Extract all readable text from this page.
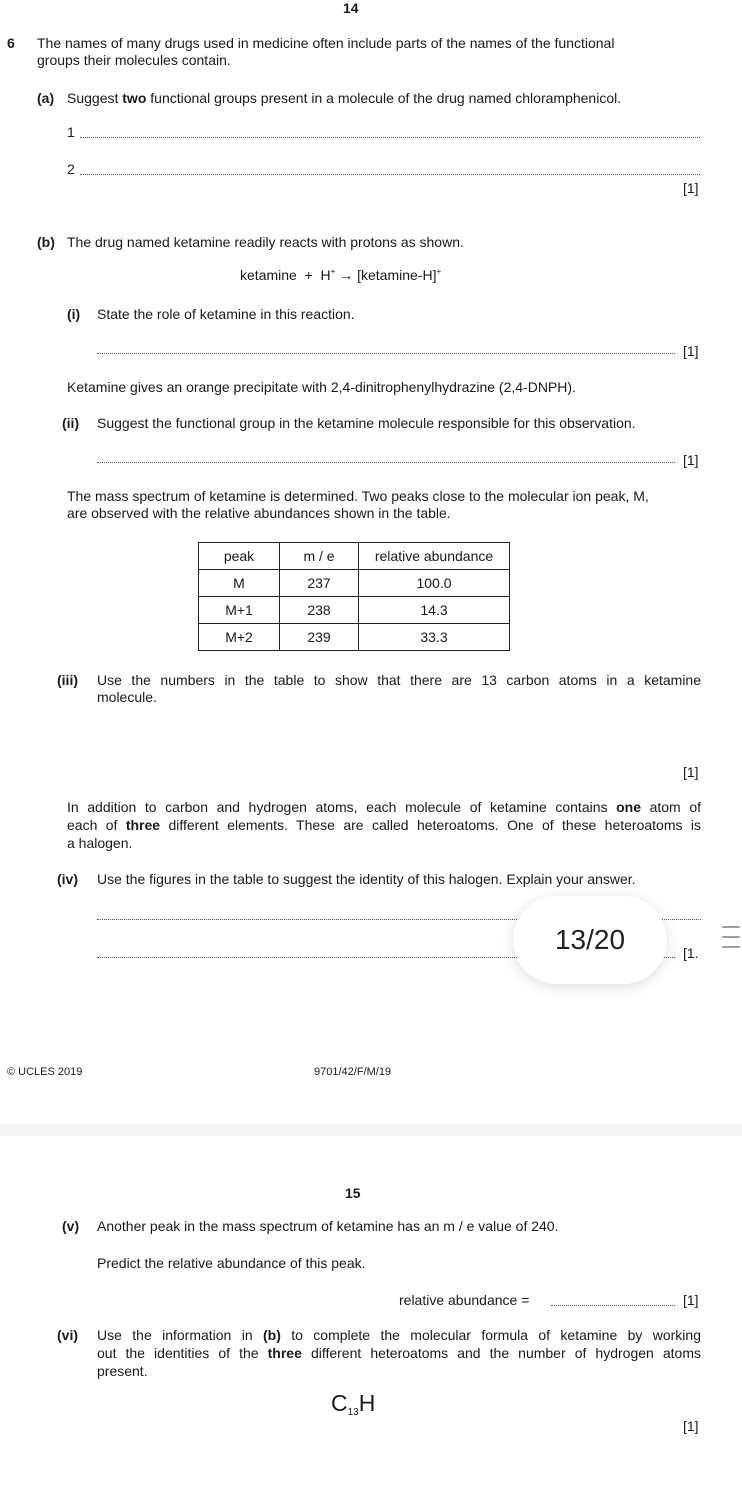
14
6 The names of many drugs used in medicine often include parts of the names of the functional
groups their molecules contain.
(a) Suggest two functional groups present in a molecule of the drug named chloramphenicol.
1
2
[1]
(b) The drug named ketamine readily reacts with protons as shown.
ketamine  +  H+ → [ketamine-H]+
(i) State the role of ketamine in this reaction.
[1]
Ketamine gives an orange precipitate with 2,4-dinitrophenylhydrazine (2,4-DNPH).
(ii) Suggest the functional group in the ketamine molecule responsible for this observation.
[1]
The mass spectrum of ketamine is determined. Two peaks close to the molecular ion peak, M,
are observed with the relative abundances shown in the table.
peak	m / e	relative abundance
M	237	100.0
M+1	238	14.3
M+2	239	33.3
(iii) Use the numbers in the table to show that there are 13 carbon atoms in a ketamine
molecule.
[1]
In addition to carbon and hydrogen atoms, each molecule of ketamine contains one atom of
each of three different elements. These are called heteroatoms. One of these heteroatoms is
a halogen.
(iv) Use the figures in the table to suggest the identity of this halogen. Explain your answer.
[1.
© UCLES 2019	9701/42/F/M/19
13/20
15
(v) Another peak in the mass spectrum of ketamine has an m / e value of 240.
Predict the relative abundance of this peak.
relative abundance =	[1]
(vi) Use the information in (b) to complete the molecular formula of ketamine by working
out the identities of the three different heteroatoms and the number of hydrogen atoms
present.
$C_{13}H$
[1]
